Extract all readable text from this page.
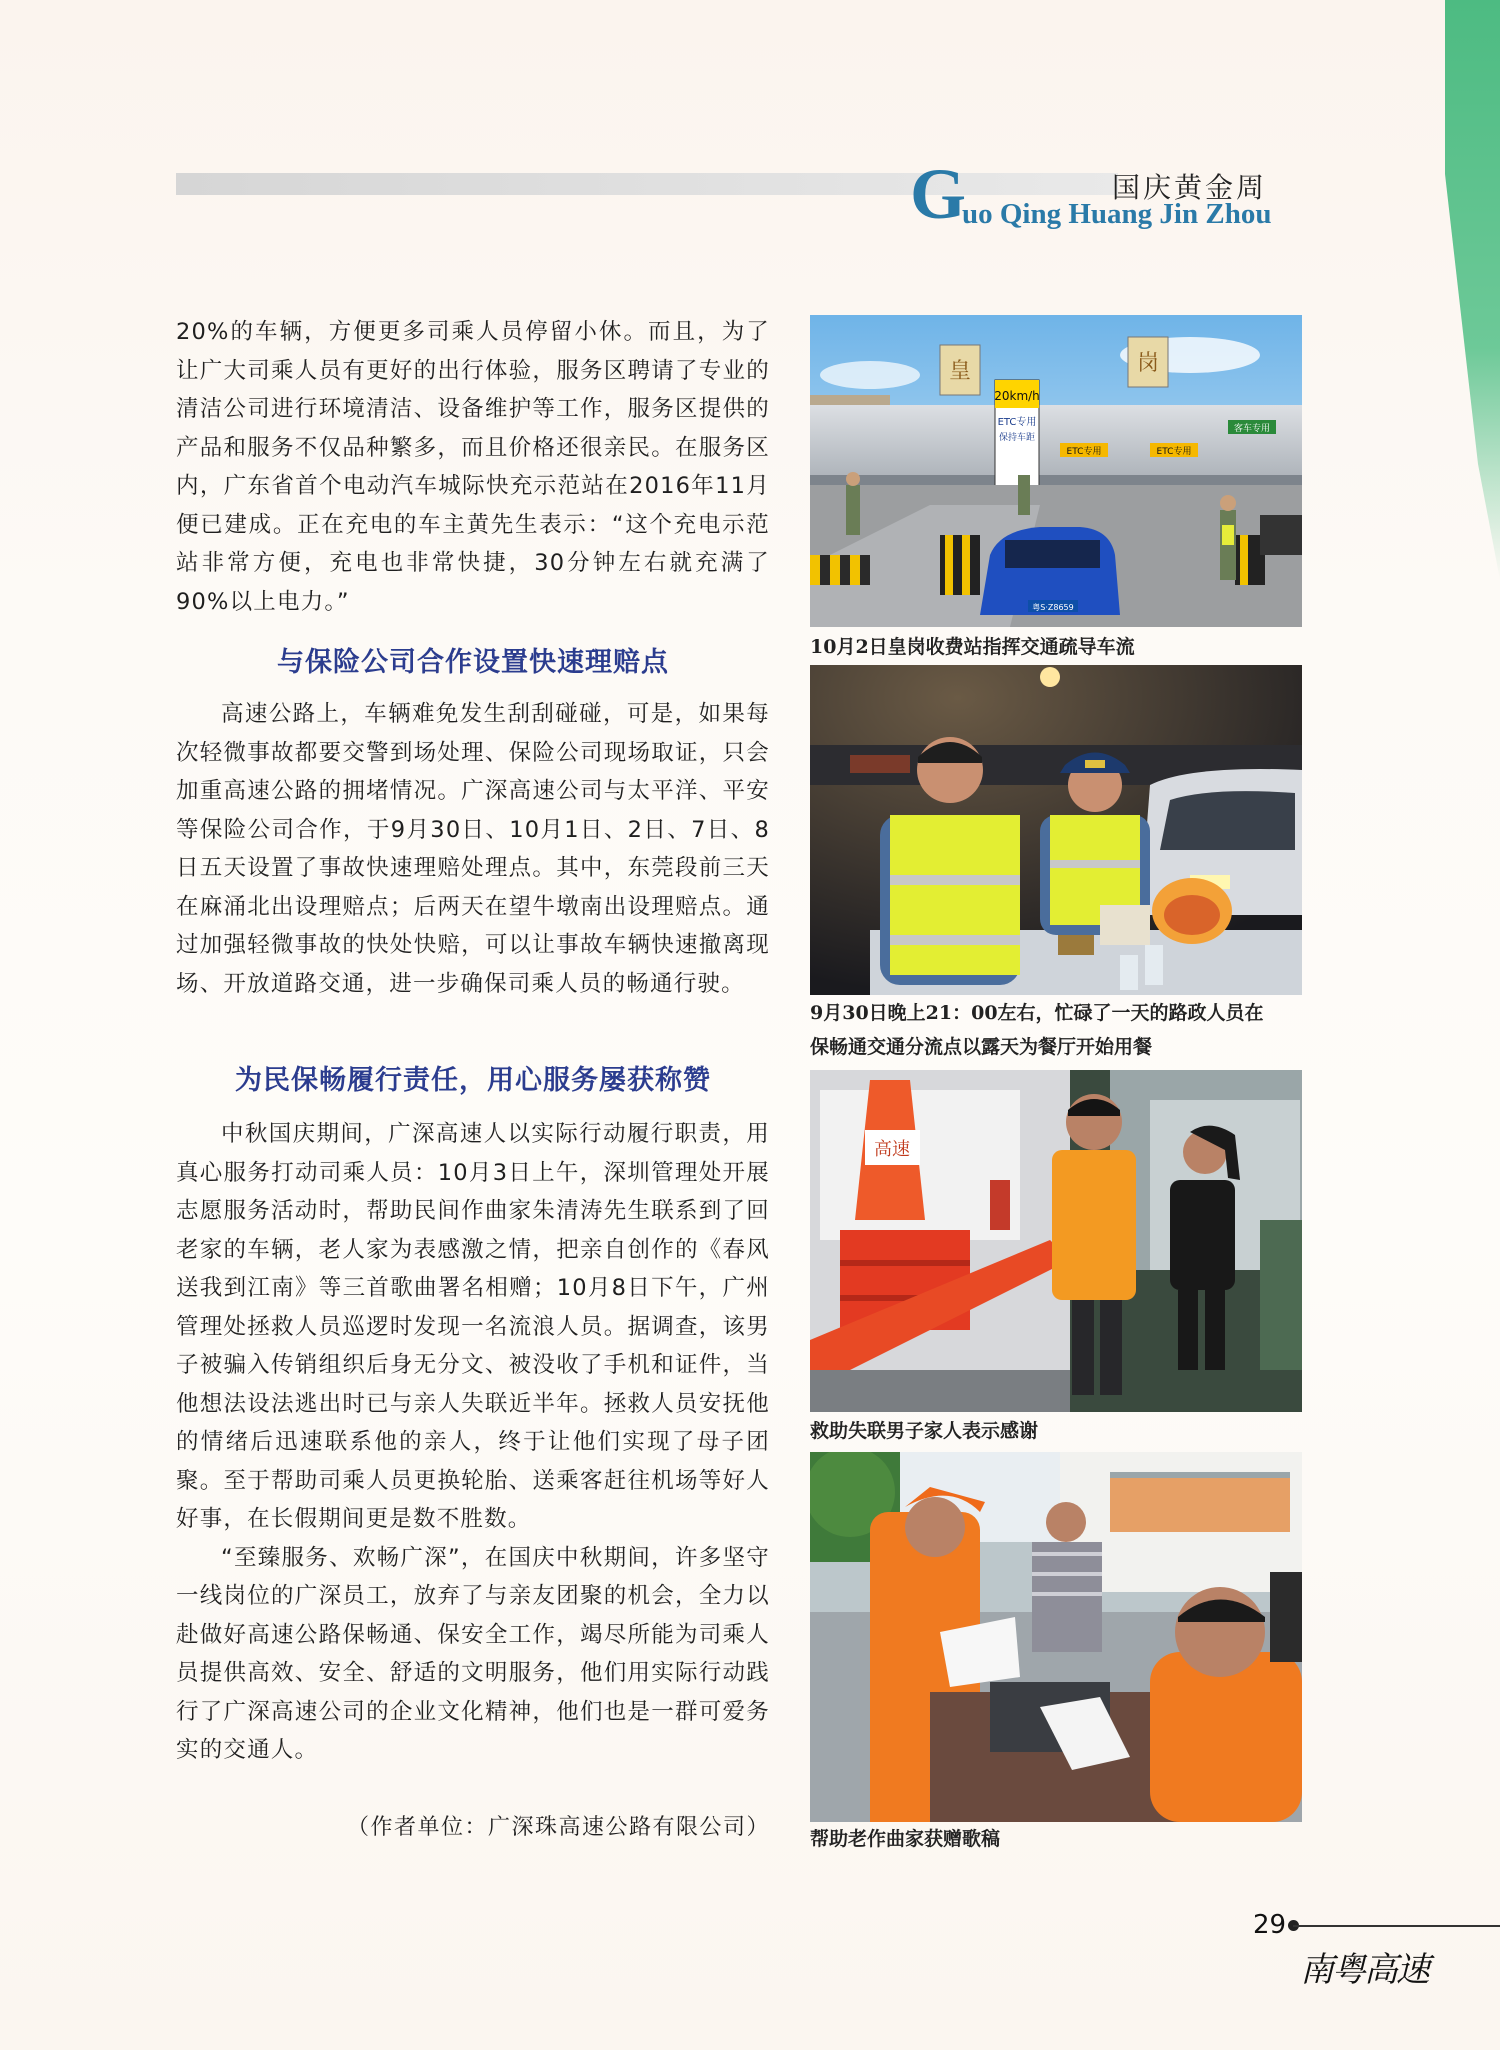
国庆黄金周
G
uo Qing Huang Jin Zhou

20%的车辆，方便更多司乘人员停留小休。而且，为了让广大司乘人员有更好的出行体验，服务区聘请了专业的清洁公司进行环境清洁、设备维护等工作，服务区提供的产品和服务不仅品种繁多，而且价格还很亲民。在服务区内，广东省首个电动汽车城际快充示范站在2016年11月便已建成。正在充电的车主黄先生表示：“这个充电示范站非常方便，充电也非常快捷，30分钟左右就充满了90%以上电力。”

与保险公司合作设置快速理赔点

高速公路上，车辆难免发生刮刮碰碰，可是，如果每次轻微事故都要交警到场处理、保险公司现场取证，只会加重高速公路的拥堵情况。广深高速公司与太平洋、平安等保险公司合作，于9月30日、10月1日、2日、7日、8日五天设置了事故快速理赔处理点。其中，东莞段前三天在麻涌北出设理赔点；后两天在望牛墩南出设理赔点。通过加强轻微事故的快处快赔，可以让事故车辆快速撤离现场、开放道路交通，进一步确保司乘人员的畅通行驶。

为民保畅履行责任，用心服务屡获称赞

中秋国庆期间，广深高速人以实际行动履行职责，用真心服务打动司乘人员：10月3日上午，深圳管理处开展志愿服务活动时，帮助民间作曲家朱清涛先生联系到了回老家的车辆，老人家为表感激之情，把亲自创作的《春风送我到江南》等三首歌曲署名相赠；10月8日下午，广州管理处拯救人员巡逻时发现一名流浪人员。据调查，该男子被骗入传销组织后身无分文、被没收了手机和证件，当他想法设法逃出时已与亲人失联近半年。拯救人员安抚他的情绪后迅速联系他的亲人，终于让他们实现了母子团聚。至于帮助司乘人员更换轮胎、送乘客赶往机场等好人好事，在长假期间更是数不胜数。

“至臻服务、欢畅广深”，在国庆中秋期间，许多坚守一线岗位的广深员工，放弃了与亲友团聚的机会，全力以赴做好高速公路保畅通、保安全工作，竭尽所能为司乘人员提供高效、安全、舒适的文明服务，他们用实际行动践行了广深高速公司的企业文化精神，他们也是一群可爱务实的交通人。

（作者单位：广深珠高速公路有限公司）
皇	岗
20km/h
ETC专用
保持车距
ETC专用	ETC专用
客车专用
粤S·Z8659
10月2日皇岗收费站指挥交通疏导车流
9月30日晚上21：00左右，忙碌了一天的路政人员在
保畅通交通分流点以露天为餐厅开始用餐
高速
救助失联男子家人表示感谢
帮助老作曲家获赠歌稿
29
南粤高速
